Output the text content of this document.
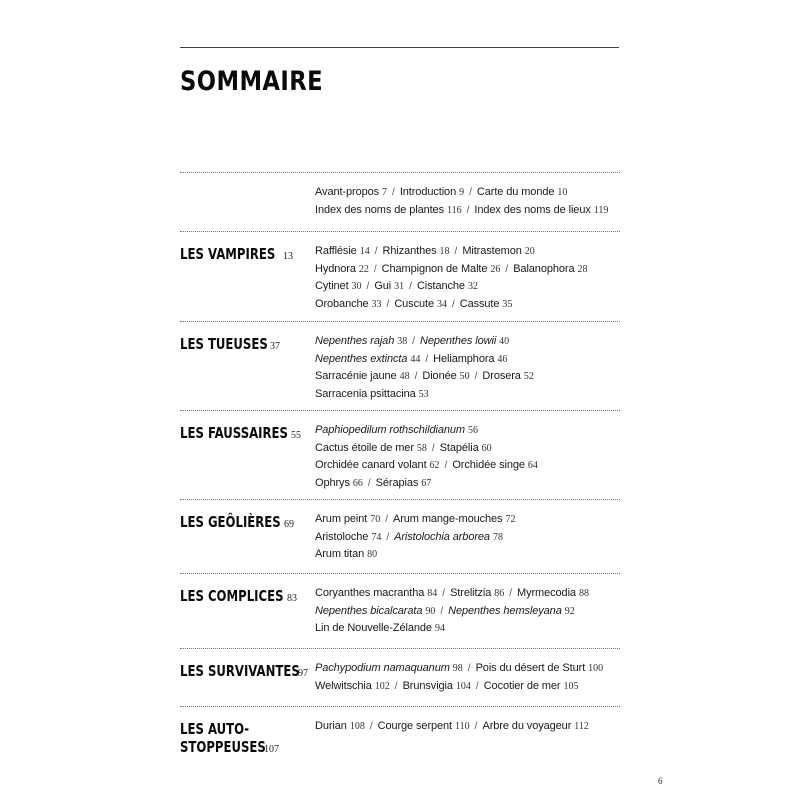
SOMMAIRE
Avant-propos 7 / Introduction 9 / Carte du monde 10
Index des noms de plantes 116 / Index des noms de lieux 119
LES VAMPIRES 13 Rafflésie 14 / Rhizanthes 18 / Mitrastemon 20
Hydnora 22 / Champignon de Malte 26 / Balanophora 28
Cytinet 30 / Gui 31 / Cistanche 32
Orobanche 33 / Cuscute 34 / Cassute 35
LES TUEUSES 37	Nepenthes rajah 38 / Nepenthes lowii 40
Nepenthes extincta 44 / Heliamphora 46
Sarracénie jaune 48 / Dionée 50 / Drosera 52
Sarracenia psittacina 53
LES FAUSSAIRES 55 Paphiopedilum rothschildianum 56
Cactus étoile de mer 58 / Stapélia 60
Orchidée canard volant 62 / Orchidée singe 64
Ophrys 66 / Sérapias 67
LES GEÔLIÈRES 69 Arum peint 70 / Arum mange-mouches 72
Aristoloche 74 / Aristolochia arborea 78
Arum titan 80
LES COMPLICES 83 Coryanthes macrantha 84 / Strelitzia 86 / Myrmecodia 88
Nepenthes bicalcarata 90 / Nepenthes hemsleyana 92
Lin de Nouvelle-Zélande 94
LES SURVIVANTES
97 Pachypodium namaquanum 98 / Pois du désert de Sturt 100
Welwitschia 102 / Brunsvigia 104 / Cocotier de mer 105
LES AUTO-
STOPPEUSES
107
Durian 108 / Courge serpent 110 / Arbre du voyageur 112
6
